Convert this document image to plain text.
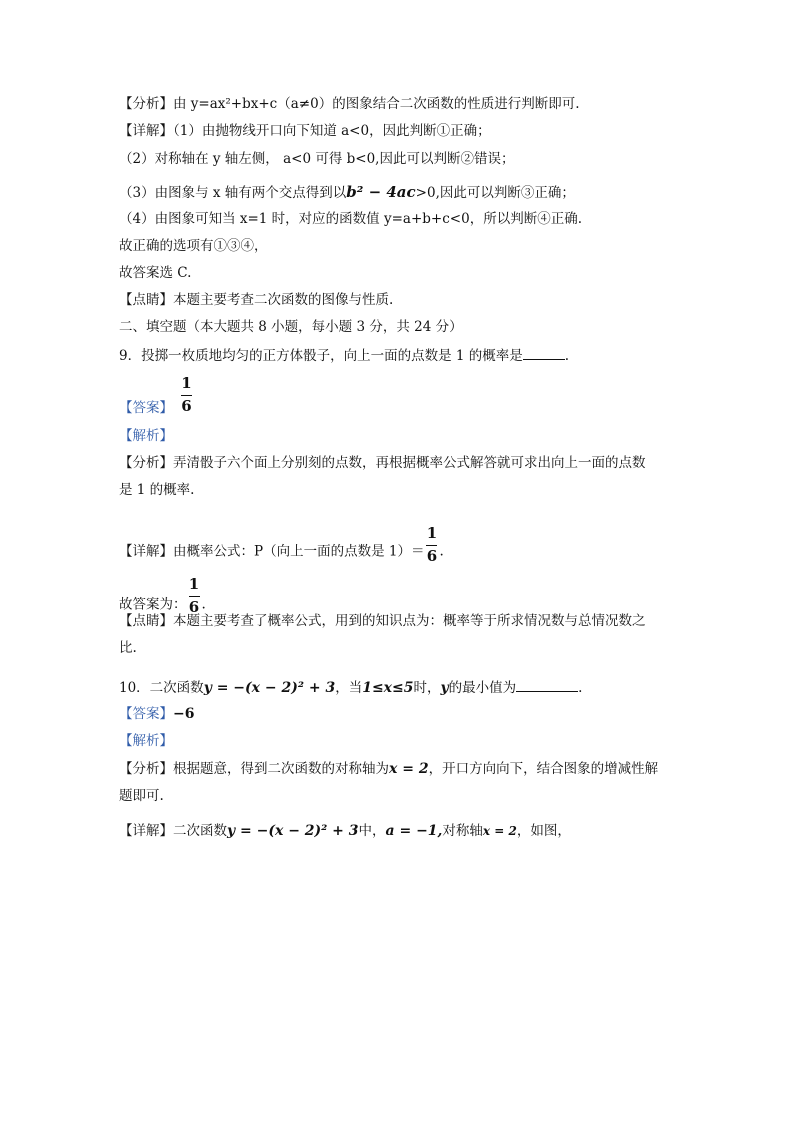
【分析】由 y=ax²+bx+c（a≠0）的图象结合二次函数的性质进行判断即可.
【详解】（1）由抛物线开口向下知道 a<0，因此判断①正确；
（2）对称轴在 y 轴左侧， a<0 可得 b<0,因此可以判断②错误；
（3）由图象与 x 轴有两个交点得到以b² − 4ac>0,因此可以判断③正确；
（4）由图象可知当 x=1 时，对应的函数值 y=a+b+c<0，所以判断④正确.
故正确的选项有①③④，
故答案选 C.
【点睛】本题主要考查二次函数的图像与性质.
二、填空题（本大题共 8 小题，每小题 3 分，共 24 分）
9．投掷一枚质地均匀的正方体骰子，向上一面的点数是 1 的概率是	.
【答案】
1
6
【解析】
【分析】弄清骰子六个面上分别刻的点数，再根据概率公式解答就可求出向上一面的点数
是 1 的概率.
【详解】由概率公式：P（向上一面的点数是 $1)= \frac{1}{6}$ .
故答案为： $\frac{1}{6}$ .
【点睛】本题主要考查了概率公式，用到的知识点为：概率等于所求情况数与总情况数之
比.
10．二次函数y = −(x − 2)² + 3，当1≤x≤5时，y的最小值为	.
【答案】−6
【解析】
【分析】根据题意，得到二次函数的对称轴为x = 2，开口方向向下，结合图象的增减性解
题即可.
【详解】二次函数y = −(x − 2)² + 3中，a = −1,对称轴x = 2，如图，
